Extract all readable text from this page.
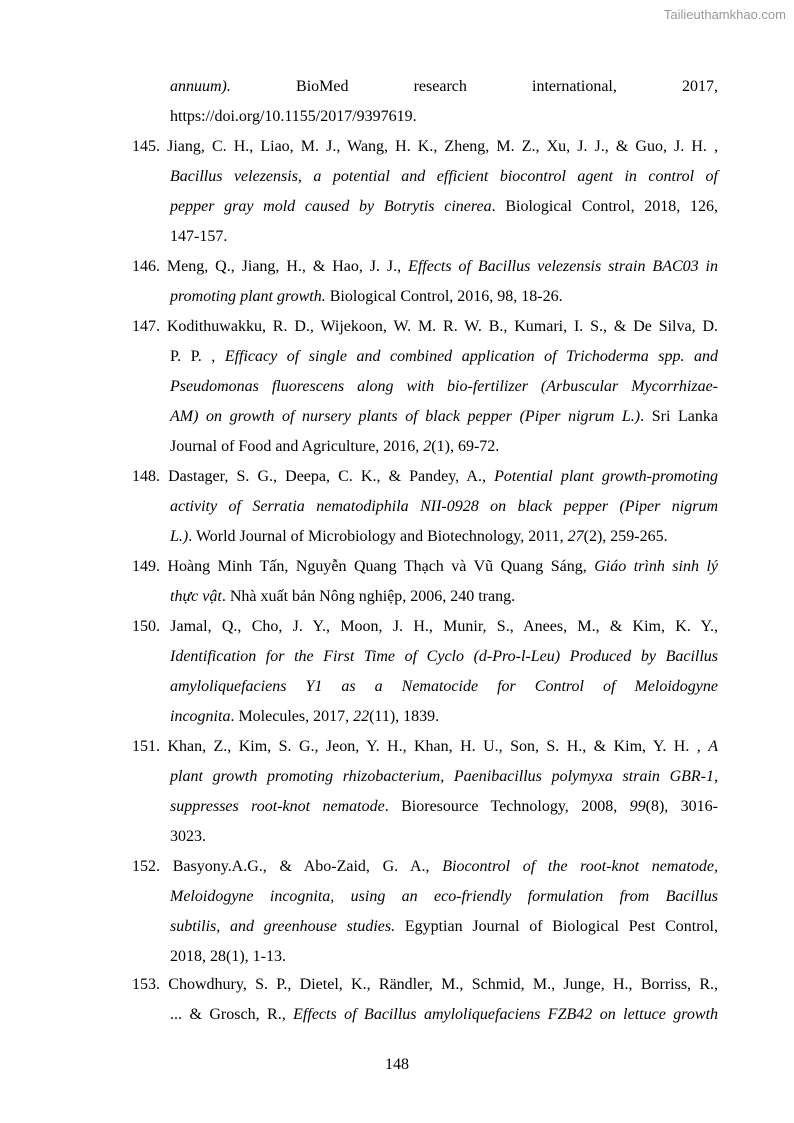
Tailieuthamkhao.com
annuum). BioMed research international, 2017,
https://doi.org/10.1155/2017/9397619.
145. Jiang, C. H., Liao, M. J., Wang, H. K., Zheng, M. Z., Xu, J. J., & Guo, J. H. ,
Bacillus velezensis, a potential and efficient biocontrol agent in control of
pepper gray mold caused by Botrytis cinerea. Biological Control, 2018, 126,
147-157.
146. Meng, Q., Jiang, H., & Hao, J. J., Effects of Bacillus velezensis strain BAC03 in
promoting plant growth. Biological Control, 2016, 98, 18-26.
147. Kodithuwakku, R. D., Wijekoon, W. M. R. W. B., Kumari, I. S., & De Silva, D.
P. P. , Efficacy of single and combined application of Trichoderma spp. and
Pseudomonas fluorescens along with bio-fertilizer (Arbuscular Mycorrhizae-
AM) on growth of nursery plants of black pepper (Piper nigrum L.). Sri Lanka
Journal of Food and Agriculture, 2016, 2(1), 69-72.
148. Dastager, S. G., Deepa, C. K., & Pandey, A., Potential plant growth-promoting
activity of Serratia nematodiphila NII-0928 on black pepper (Piper nigrum
L.). World Journal of Microbiology and Biotechnology, 2011, 27(2), 259-265.
149. Hoàng Minh Tấn, Nguyễn Quang Thạch và Vũ Quang Sáng, Giáo trình sinh lý
thực vật. Nhà xuất bản Nông nghiệp, 2006, 240 trang.
150. Jamal, Q., Cho, J. Y., Moon, J. H., Munir, S., Anees, M., & Kim, K. Y.,
Identification for the First Time of Cyclo (d-Pro-l-Leu) Produced by Bacillus
amyloliquefaciens Y1 as a Nematocide for Control of Meloidogyne
incognita. Molecules, 2017, 22(11), 1839.
151. Khan, Z., Kim, S. G., Jeon, Y. H., Khan, H. U., Son, S. H., & Kim, Y. H. , A
plant growth promoting rhizobacterium, Paenibacillus polymyxa strain GBR-1,
suppresses root-knot nematode. Bioresource Technology, 2008, 99(8), 3016-
3023.
152. Basyony.A.G., & Abo-Zaid, G. A., Biocontrol of the root-knot nematode,
Meloidogyne incognita, using an eco-friendly formulation from Bacillus
subtilis, and greenhouse studies. Egyptian Journal of Biological Pest Control,
2018, 28(1), 1-13.
153. Chowdhury, S. P., Dietel, K., Rändler, M., Schmid, M., Junge, H., Borriss, R.,
... & Grosch, R., Effects of Bacillus amyloliquefaciens FZB42 on lettuce growth
148
